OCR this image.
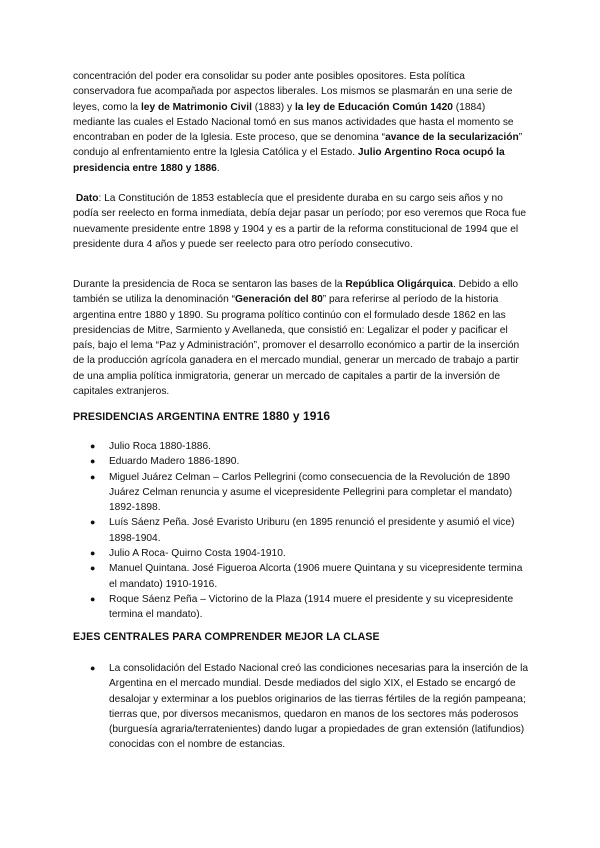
concentración del poder era consolidar su poder ante posibles opositores. Esta política conservadora fue acompañada por aspectos liberales. Los mismos se plasmarán en una serie de leyes, como la ley de Matrimonio Civil (1883) y la ley de Educación Común 1420 (1884) mediante las cuales el Estado Nacional tomó en sus manos actividades que hasta el momento se encontraban en poder de la Iglesia. Este proceso, que se denomina “avance de la secularización” condujo al enfrentamiento entre la Iglesia Católica y el Estado. Julio Argentino Roca ocupó la presidencia entre 1880 y 1886.

Dato: La Constitución de 1853 establecía que el presidente duraba en su cargo seis años y no podía ser reelecto en forma inmediata, debía dejar pasar un período; por eso veremos que Roca fue nuevamente presidente entre 1898 y 1904 y es a partir de la reforma constitucional de 1994 que el presidente dura 4 años y puede ser reelecto para otro período consecutivo.

Durante la presidencia de Roca se sentaron las bases de la República Oligárquica. Debido a ello también se utiliza la denominación “Generación del 80” para referirse al período de la historia argentina entre 1880 y 1890. Su programa político continúo con el formulado desde 1862 en las presidencias de Mitre, Sarmiento y Avellaneda, que consistió en: Legalizar el poder y pacificar el país, bajo el lema “Paz y Administración”, promover el desarrollo económico a partir de la inserción de la producción agrícola ganadera en el mercado mundial, generar un mercado de trabajo a partir de una amplia política inmigratoria, generar un mercado de capitales a partir de la inversión de capitales extranjeros.

PRESIDENCIAS ARGENTINA ENTRE 1880 y 1916

● Julio Roca 1880-1886.
● Eduardo Madero 1886-1890.
● Miguel Juárez Celman – Carlos Pellegrini (como consecuencia de la Revolución de 1890 Juárez Celman renuncia y asume el vicepresidente Pellegrini para completar el mandato) 1892-1898.
● Luís Sáenz Peña. José Evaristo Uriburu (en 1895 renunció el presidente y asumió el vice) 1898-1904.
● Julio A Roca- Quirno Costa 1904-1910.
● Manuel Quintana. José Figueroa Alcorta (1906 muere Quintana y su vicepresidente termina el mandato) 1910-1916.
● Roque Sáenz Peña – Victorino de la Plaza (1914 muere el presidente y su vicepresidente termina el mandato).

EJES CENTRALES PARA COMPRENDER MEJOR LA CLASE

● La consolidación del Estado Nacional creó las condiciones necesarias para la inserción de la Argentina en el mercado mundial. Desde mediados del siglo XIX, el Estado se encargó de desalojar y exterminar a los pueblos originarios de las tierras fértiles de la región pampeana; tierras que, por diversos mecanismos, quedaron en manos de los sectores más poderosos (burguesía agraria/terratenientes) dando lugar a propiedades de gran extensión (latifundios) conocidas con el nombre de estancias.
